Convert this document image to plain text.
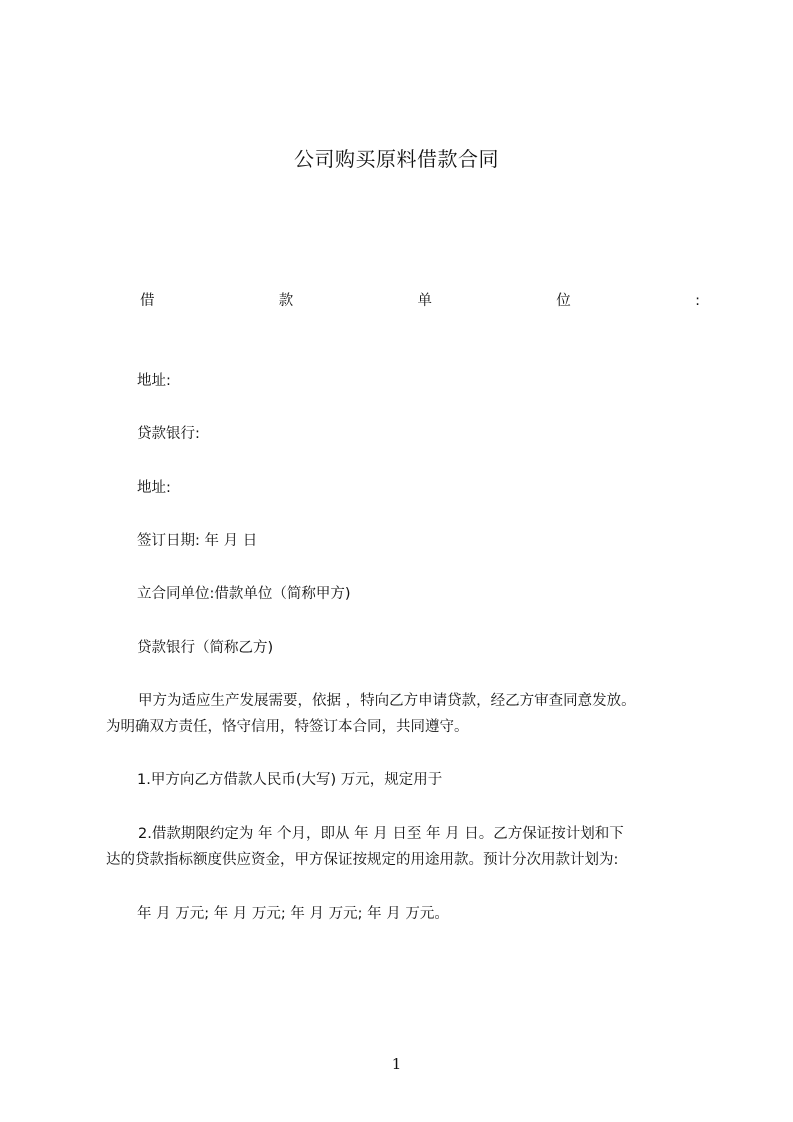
公司购买原料借款合同
借	款	单	位	:
地址:
贷款银行:
地址:
签订日期: 年 月 日
立合同单位:借款单位（简称甲方)
贷款银行（简称乙方)
甲方为适应生产发展需要，依据 ，特向乙方申请贷款，经乙方审查同意发放。
为明确双方责任，恪守信用，特签订本合同，共同遵守。
1.甲方向乙方借款人民币(大写) 万元，规定用于
2.借款期限约定为 年 个月，即从 年 月 日至 年 月 日。乙方保证按计划和下
达的贷款指标额度供应资金，甲方保证按规定的用途用款。预计分次用款计划为:
年 月 万元; 年 月 万元; 年 月 万元; 年 月 万元。
1
